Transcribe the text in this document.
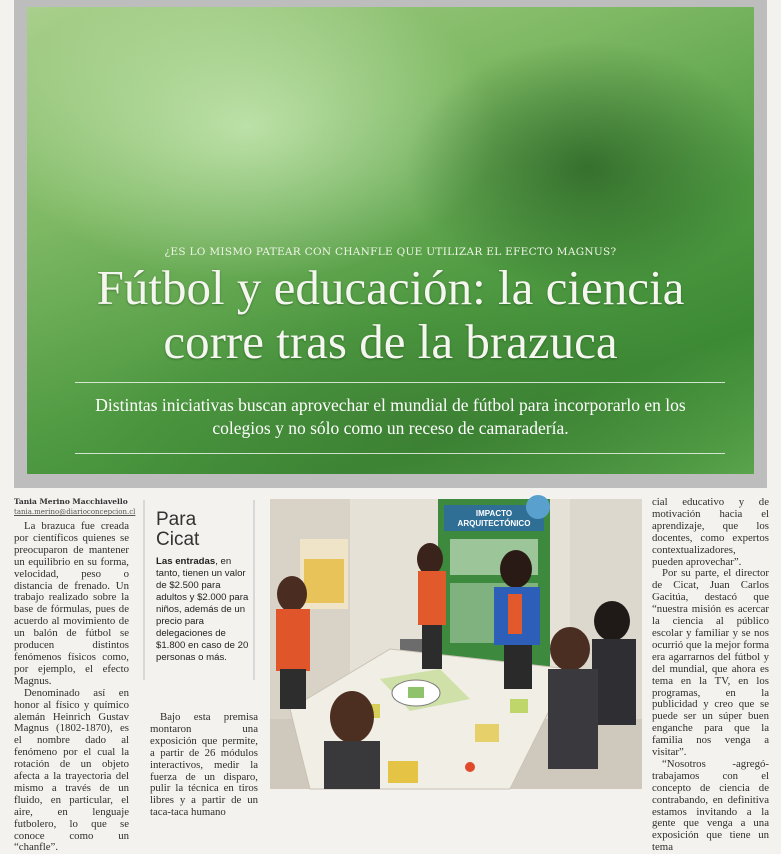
¿ES LO MISMO PATEAR CON CHANFLE QUE UTILIZAR EL EFECTO MAGNUS?
Fútbol y educación: la ciencia
corre tras de la brazuca
Distintas iniciativas buscan aprovechar el mundial de fútbol para incorporarlo en los
colegios y no sólo como un receso de camaradería.
Tania Merino Macchiavello
tania.merino@diarioconcepcion.cl

La brazuca fue creada por científicos quienes se preocuparon de mantener un equilibrio en su forma, velocidad, peso o distancia de frenado. Un trabajo realizado sobre la base de fórmulas, pues de acuerdo al movimiento de un balón de fútbol se producen distintos fenómenos físicos como, por ejemplo, el efecto Magnus.

Denominado así en honor al físico y químico alemán Heinrich Gustav Magnus (1802-1870), es el nombre dado al fenómeno por el cual la rotación de un objeto afecta a la trayectoria del mismo a través de un fluido, en particular, el aire, en lenguaje futbolero, lo que se conoce como un “chanfle”.

Para
Cicat
Las entradas, en tanto, tienen un valor de $2.500 para adultos y $2.000 para niños, además de un precio para delegaciones de $1.800 en caso de 20 personas o más.

Bajo esta premisa montaron una exposición que permite, a partir de 26 módulos interactivos, medir la fuerza de un disparo, pulir la técnica en tiros libres y a partir de un taca-taca humano

IMPACTO
ARQUITECTÓNICO

cial educativo y de motivación hacia el aprendizaje, que los docentes, como expertos contextualizadores, pueden aprovechar”.

Por su parte, el director de Cicat, Juan Carlos Gacitúa, destacó que “nuestra misión es acercar la ciencia al público escolar y familiar y se nos ocurrió que la mejor forma era agarrarnos del fútbol y del mundial, que ahora es tema en la TV, en los programas, en la publicidad y creo que se puede ser un súper buen enganche para que la familia nos venga a visitar”.

“Nosotros -agregó- trabajamos con el concepto de ciencia de contrabando, en definitiva estamos invitando a la gente que venga a una exposición que tiene un tema
